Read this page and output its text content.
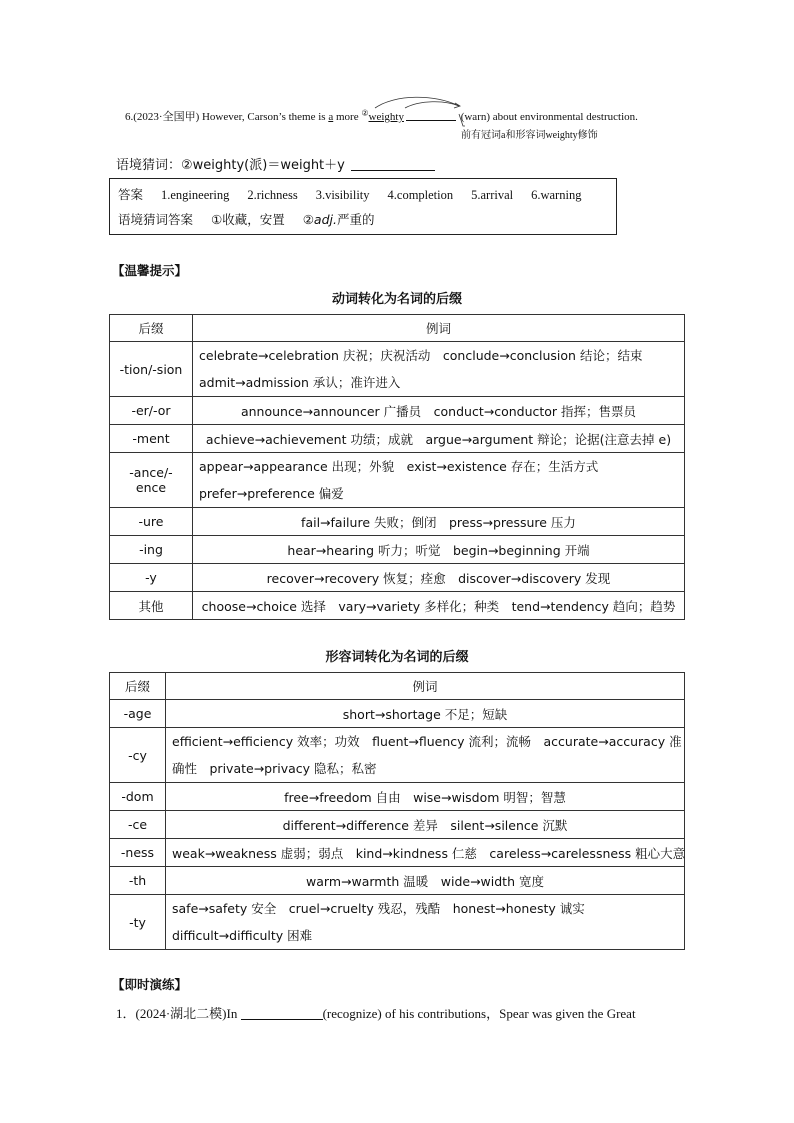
6.(2023·全国甲) However, Carson’s theme is a more ②weighty	(warn) about environmental destruction.
前有冠词a和形容词weighty修饰
语境猜词：②weighty(派)＝weight＋y
答案 1.engineering 2.richness 3.visibility 4.completion 5.arrival 6.warning
语境猜词答案 ①收藏，安置 ②adj.严重的
【温馨提示】
动词转化为名词的后缀
后缀	例词
-tion/-sion	celebrate→celebration 庆祝；庆祝活动　conclude→conclusion 结论；结束
admit→admission 承认；准许进入

-er/-or	announce→announcer 广播员　conduct→conductor 指挥；售票员

-ment	achieve→achievement 功绩；成就　argue→argument 辩论；论据(注意去掉 e)

-ance/-ence	appear→appearance 出现；外貌　exist→existence 存在；生活方式
prefer→preference 偏爱

-ure	fail→failure 失败；倒闭　press→pressure 压力

-ing	hear→hearing 听力；听觉　begin→beginning 开端

-y	recover→recovery 恢复；痊愈　discover→discovery 发现

其他	choose→choice 选择　vary→variety 多样化；种类　tend→tendency 趋向；趋势
形容词转化为名词的后缀
后缀	例词
-age	short→shortage 不足；短缺

-cy	efficient→efficiency 效率；功效　fluent→fluency 流利；流畅　accurate→accuracy 准
确性　private→privacy 隐私；私密

-dom	free→freedom 自由　wise→wisdom 明智；智慧

-ce	different→difference 差异　silent→silence 沉默

-ness	weak→weakness 虚弱；弱点　kind→kindness 仁慈　careless→carelessness 粗心大意

-th	warm→warmth 温暖　wide→width 宽度

-ty	safe→safety 安全　cruel→cruelty 残忍，残酷　honest→honesty 诚实
difficult→difficulty 困难
【即时演练】
1．(2024·湖北二模)In	(recognize) of his contributions，Spear was given the Great
